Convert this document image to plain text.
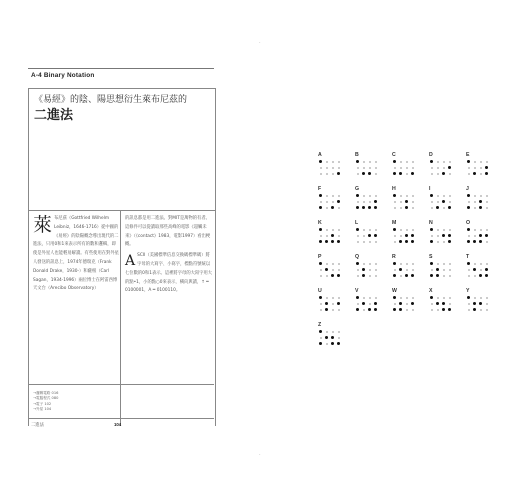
A-4 Binary Notation
《易經》的陰、陽思想衍生萊布尼茲的
二進法
萊布尼茲（Gottfried Wilhelm Leibniz，1646-1716）從中國的《易經》的陰陽概念導出現代的二進法，只用0和1來表示所有的數和邏輯，即使是外星人也能輕易解讀。有些使用在對外星人發送的訊息上，1974年德瑞克（Frank Donald Drake，1930-）和薩根（Carl Sagan，1934-1996）兩位博士在阿雷西博天文台（Arecibo Observatory）
的訊息都是用二進法。對MIT是萬物的有者。這條件可以從讀取那些高峰的電影《超觸未來》（《contact》1983，電影1997）看出梗概。
ASCII（美國標準信息交換碼標準碼）將字母的大寫字、小寫字，標點符號統以七位數的0和1表示。這裡將字母的大寫字用大的點•1，小的點○0來表示，橫向與讀，↑ ═ 0100001，A ═ 0100110。
→邏輯電路 016
→電腦程式 080
→電子 102
→外星 104
二進法	104
·
·
A	B	C	D	E
F	G	H	I	J
K	L	M	N	O
P	Q	R	S	T
U	V	W	X	Y
Z
